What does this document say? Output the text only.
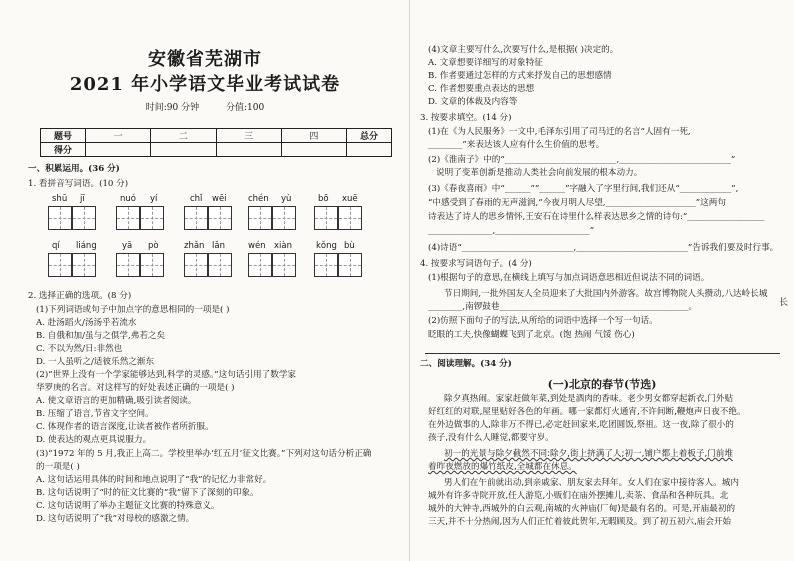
安徽省芜湖市
2021 年小学语文毕业考试试卷
时间:90 分钟	分值:100
题号	一	二	三	四	总分
得分					
一、积累运用。(36 分)
1. 看拼音写词语。(10 分)
shū jī	nuó yí	chǐ wēi	chén yù	bō xuē
qí liáng	yā pò	zhǎn lǎn	wén xiàn	kǒng bù
2. 选择正确的选项。(8 分)
(1)下列词语或句子中加点字的意思相同的一项是( )
A. 赴汤蹈火/汤汤乎若流水
B. 自俄和加/虽与之俱学,弗若之矣
C. 不以为然/日:非然也
D. 一人虽听之/适彼乐然之渐东
(2)“世界上没有一个学家能够达到,科学的灵感。”这句话引用了数学家
华罗庚的名言。对这样写的好处表述正确的一项是( )
A. 使文章语言的更加精确,吸引读者阅读。
B. 压缩了语言,节省文字空间。
C. 体现作者的语言深度,让读者被作者所折服。
D. 使表达的观点更具说服力。
(3)“1972 年的 5 月,我正上高二。学校里举办‘红五月’征文比赛。”下列对这句话分析正确
的一项是( )
A. 这句话运用具体的时间和地点说明了“我”的记忆力非常好。
B. 这句话说明了“时的征文比赛的“我”留下了深刻的印象。
C. 这句话说明了举办主题征文比赛的特殊意义。
D. 这句话说明了“我”对母校的感激之情。
(4)文章主要写什么,次要写什么,是根据( )决定的。
A. 文章想要详细写的对象特征
B. 作者要通过怎样的方式来抒发自己的思想感情
C. 作者想要重点表达的思想
D. 文章的体裁及内容等
3. 按要求填空。(14 分)
(1)在《为人民服务》一文中,毛泽东引用了司马迁的名言“人固有一死,
________”来表达该人应有什么生价值的思考。
(2)《淮南子》中的“__________________________,__________________________”
说明了变革创新是推动人类社会向前发展的根本动力。
(3)《春夜喜雨》中“______”“______”字融入了字里行间,我们还从“____________”,
“中感受到了春雨的无声滋润,“今夜月明人尽望,_____________________”这两句
诗表达了诗人的思乡情怀,王安石在诗里什么样表达思乡之情的诗句:“__________________
_______________,______________________”
(4)诗语“__________________________,__________________________”告诉我们要及时行事。
4. 按要求写词语句子。(4 分)
(1)根据句子的意思,在横线上填写与加点词语意思相近但说法不同的词语。
节日期间,一批外国友人全员迎来了大批国内外游客。故宫博物院人头攒动,八达岭长城
________,南锣鼓巷____________________________________________。
(2)仿照下面句子的写法,从所给的词语中选择一个写一句话。
眨眼的工夫,快像蝴蝶飞到了北京。(饱 热闹 气馁 伤心)
二、阅读理解。(34 分)
(一)北京的春节(节选)
除夕真热闹。家家赶做年菜,到处是酒肉的香味。老少男女都穿起新衣,门外贴
好红红的对联,屋里贴好各色的年画。哪一家都灯火通宵,不许间断,鞭炮声日夜不绝。
在外边做事的人,除非万不得已,必定赶回家来,吃团圆饭,祭祖。这一夜,除了很小的
孩子,没有什么人睡觉,都要守岁。
初一的光景与除夕截然不同:除夕,街上挤满了人;初一,铺户都上着板子,门前堆
着昨夜燃放的爆竹纸皮,全城都在休息。
男人们在午前就出动,到亲戚家、朋友家去拜年。女人们在家中接待客人。城内
城外有许多寺院开放,任人游览,小贩们在庙外摆摊儿,卖茶、食品和各种玩具。北
城外的大钟寺,西城外的白云观,南城的火神庙(厂甸)是最有名的。可是,开庙最初的
三天,并不十分热闹,因为人们正忙着彼此贺年,无暇顾及。到了初五初六,庙会开始
长
